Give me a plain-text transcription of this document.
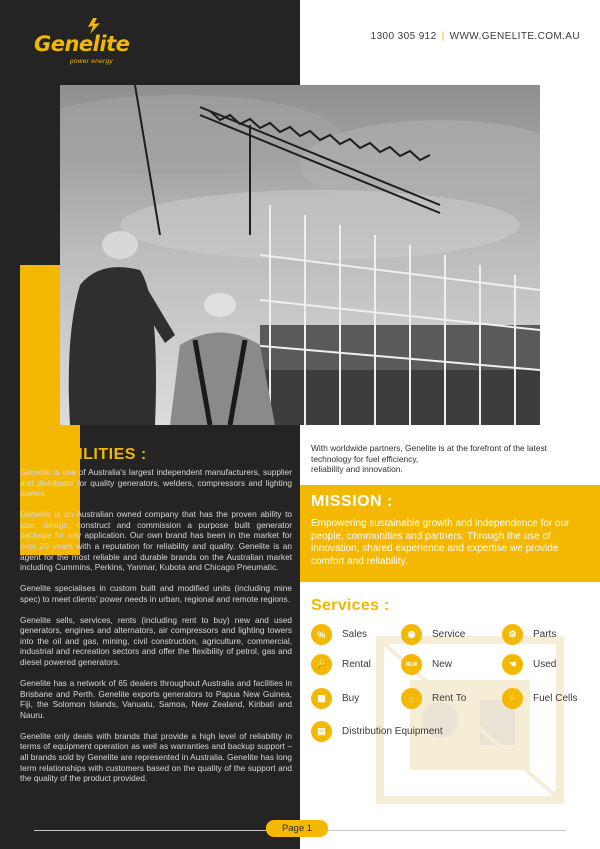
Genelite
power energy
1300 305 912 | WWW.GENELITE.COM.AU
CAPABILITIES :

Genelite is one of Australia's largest independent manufacturers, supplier and distributor for quality generators, welders, compressors and lighting towers.

Genelite is an Australian owned company that has the proven ability to size, design, construct and commission a purpose built generator package for any application. Our own brand has been in the market for over 20 years with a reputation for reliability and quality. Genelite is an agent for the most reliable and durable brands on the Australian market including Cummins, Perkins, Yanmar, Kubota and Chicago Pneumatic.

Genelite specialises in custom built and modified units (including mine spec) to meet clients' power needs in urban, regional and remote regions.

Genelite sells, services, rents (including rent to buy) new and used generators, engines and alternators, air compressors and lighting towers into the oil and gas, mining, civil construction, agriculture, commercial, industrial and recreation sectors and offer the flexibility of petrol, gas and diesel powered generators.

Genelite has a network of 65 dealers throughout Australia and facilities in Brisbane and Perth. Genelite exports generators to Papua New Guinea, Fiji, the Solomon Islands, Vanuatu, Samoa, New Zealand, Kiribati and Nauru.

Genelite only deals with brands that provide a high level of reliability in terms of equipment operation as well as warranties and backup support – all brands sold by Genelite are represented in Australia. Genelite has long term relationships with customers based on the quality of the support and the quality of the product provided.

With worldwide partners, Genelite is at the forefront of the latest
technology for fuel efficiency,
reliability and innovation.
MISSION :

Empowering sustainable growth and independence for our people, communities and partners. Through the use of innovation, shared experience and expertise we provide comfort and reliability.

Services :
%	Sales	◉	Service	⚙	Parts
🔑	Rental	NEW	New	☚	Used
▦	Buy	⌂	Rent To	⚡	Fuel Cells
▤	Distribution Equipment
Page 1
